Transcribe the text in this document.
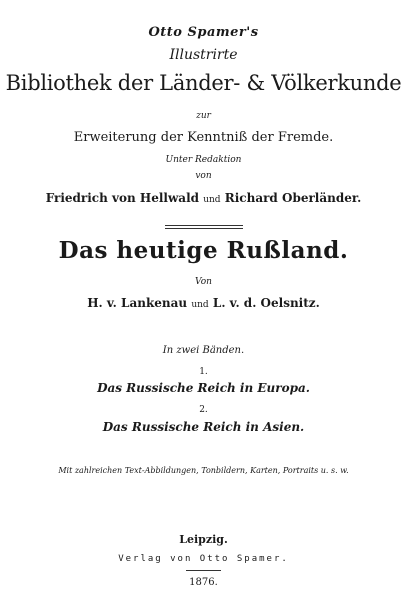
Otto Spamer's
Illustrirte
Bibliothek der Länder- & Völkerkunde
zur
Erweiterung der Kenntniß der Fremde.
Unter Redaktion
von
Friedrich von Hellwald und Richard Oberländer.
Das heutige Rußland.
Von
H. v. Lankenau und L. v. d. Oelsnitz.
In zwei Bänden.
1.
Das Russische Reich in Europa.
2.
Das Russische Reich in Asien.
Mit zahlreichen Text-Abbildungen, Tonbildern, Karten, Portraits u. s. w.
Leipzig.
Verlag von Otto Spamer.
1876.
